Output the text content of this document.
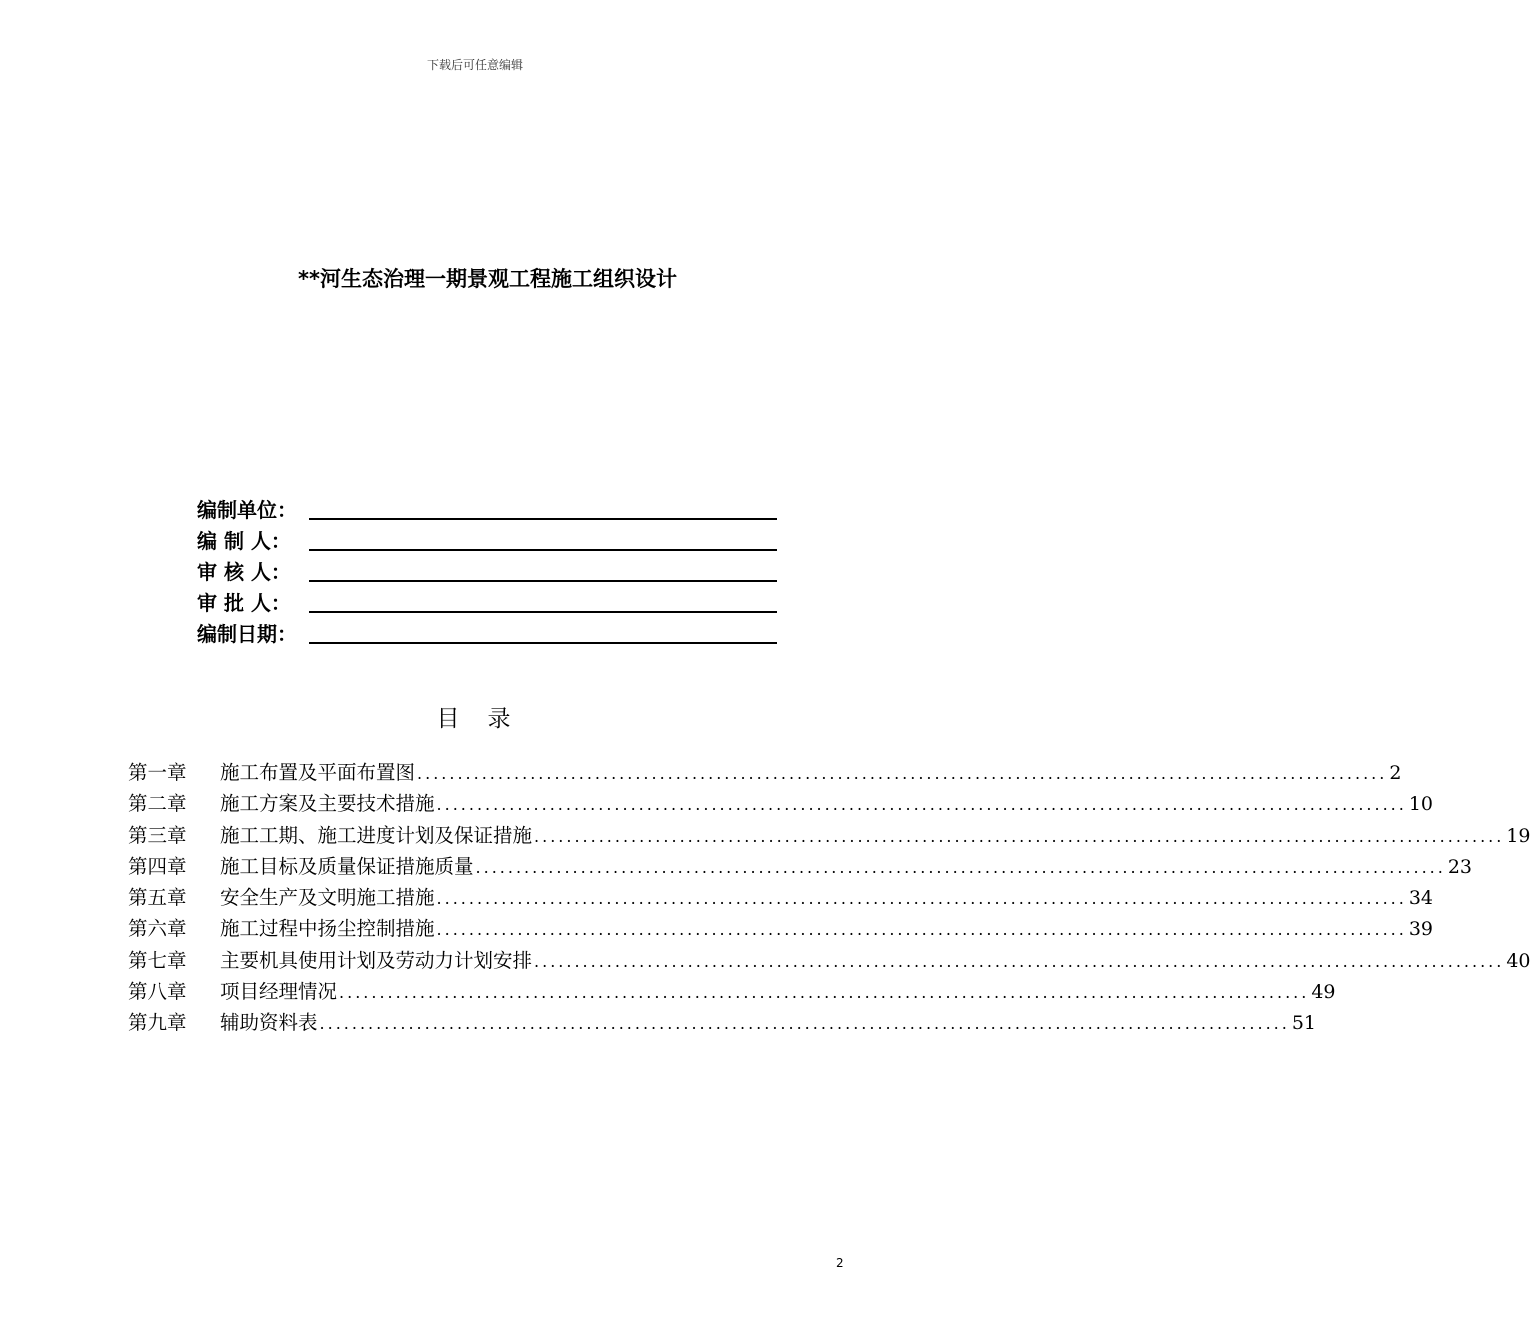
下载后可任意编辑
**河生态治理一期景观工程施工组织设计
编制单位：
编 制 人：
审 核 人：
审 批 人：
编制日期：
目录
第一章	施工布置及平面布置图 ........................................................................................................................ 2
第二章	施工方案及主要技术措施 ........................................................................................................................ 10
第三章	施工工期、施工进度计划及保证措施 ........................................................................................................................ 19
第四章	施工目标及质量保证措施质量 ........................................................................................................................ 23
第五章	安全生产及文明施工措施 ........................................................................................................................ 34
第六章	施工过程中扬尘控制措施 ........................................................................................................................ 39
第七章	主要机具使用计划及劳动力计划安排 ........................................................................................................................ 40
第八章	项目经理情况 ........................................................................................................................ 49
第九章	辅助资料表 ........................................................................................................................ 51
2
